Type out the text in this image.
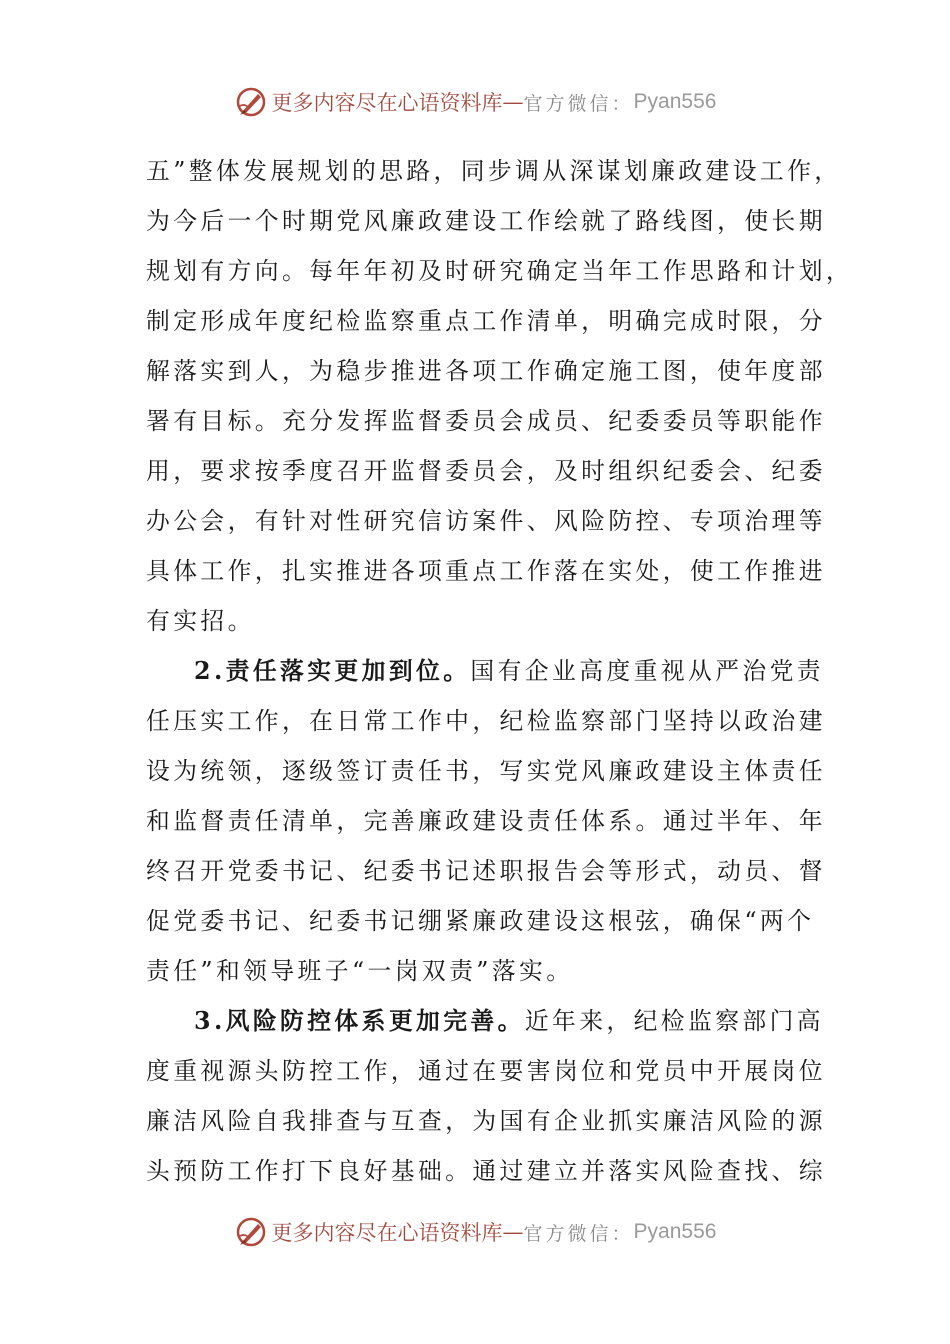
更多内容尽在心语资料库 — 官方微信： Pyan556
五”整体发展规划的思路，同步调从深谋划廉政建设工作，
为今后一个时期党风廉政建设工作绘就了路线图，使长期
规划有方向。每年年初及时研究确定当年工作思路和计划，
制定形成年度纪检监察重点工作清单，明确完成时限，分
解落实到人，为稳步推进各项工作确定施工图，使年度部
署有目标。充分发挥监督委员会成员、纪委委员等职能作
用，要求按季度召开监督委员会，及时组织纪委会、纪委
办公会，有针对性研究信访案件、风险防控、专项治理等
具体工作，扎实推进各项重点工作落在实处，使工作推进
有实招。
2.责任落实更加到位。国有企业高度重视从严治党责
任压实工作，在日常工作中，纪检监察部门坚持以政治建
设为统领，逐级签订责任书，写实党风廉政建设主体责任
和监督责任清单，完善廉政建设责任体系。通过半年、年
终召开党委书记、纪委书记述职报告会等形式，动员、督
促党委书记、纪委书记绷紧廉政建设这根弦，确保“两个
责任”和领导班子“一岗双责”落实。
3.风险防控体系更加完善。近年来，纪检监察部门高
度重视源头防控工作，通过在要害岗位和党员中开展岗位
廉洁风险自我排查与互查，为国有企业抓实廉洁风险的源
头预防工作打下良好基础。通过建立并落实风险查找、综
更多内容尽在心语资料库 — 官方微信： Pyan556
